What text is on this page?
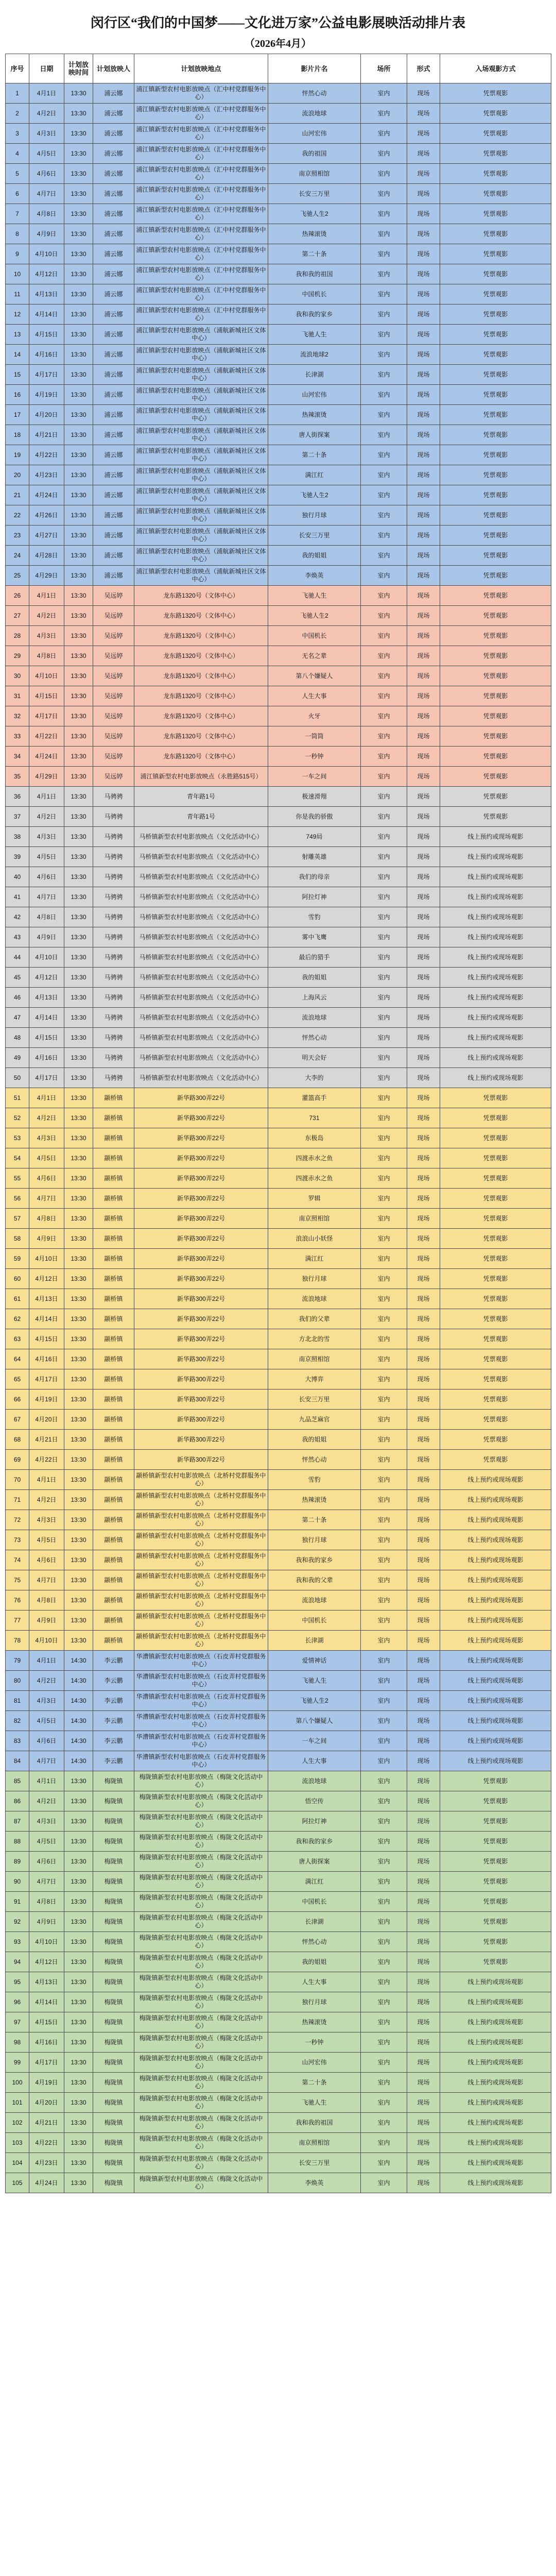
闵行区“我们的中国梦——文化进万家”公益电影展映活动排片表
（2026年4月）
序号	日期	计划放映时间	计划放映人	计划放映地点	影片片名	场所	形式	入场观影方式
1	4月1日	13:30	浦云娜	浦江镇新型农村电影放映点（汇中村党群服务中心）	怦然心动	室内	现场	凭票观影
2	4月2日	13:30	浦云娜	浦江镇新型农村电影放映点（汇中村党群服务中心）	流浪地球	室内	现场	凭票观影
3	4月3日	13:30	浦云娜	浦江镇新型农村电影放映点（汇中村党群服务中心）	山河宏伟	室内	现场	凭票观影
4	4月5日	13:30	浦云娜	浦江镇新型农村电影放映点（汇中村党群服务中心）	我的祖国	室内	现场	凭票观影
5	4月6日	13:30	浦云娜	浦江镇新型农村电影放映点（汇中村党群服务中心）	南京照相馆	室内	现场	凭票观影
6	4月7日	13:30	浦云娜	浦江镇新型农村电影放映点（汇中村党群服务中心）	长安三万里	室内	现场	凭票观影
7	4月8日	13:30	浦云娜	浦江镇新型农村电影放映点（汇中村党群服务中心）	飞驰人生2	室内	现场	凭票观影
8	4月9日	13:30	浦云娜	浦江镇新型农村电影放映点（汇中村党群服务中心）	热辣滚烫	室内	现场	凭票观影
9	4月10日	13:30	浦云娜	浦江镇新型农村电影放映点（汇中村党群服务中心）	第二十条	室内	现场	凭票观影
10	4月12日	13:30	浦云娜	浦江镇新型农村电影放映点（汇中村党群服务中心）	我和我的祖国	室内	现场	凭票观影
11	4月13日	13:30	浦云娜	浦江镇新型农村电影放映点（汇中村党群服务中心）	中国机长	室内	现场	凭票观影
12	4月14日	13:30	浦云娜	浦江镇新型农村电影放映点（汇中村党群服务中心）	我和我的家乡	室内	现场	凭票观影
13	4月15日	13:30	浦云娜	浦江镇新型农村电影放映点（浦航新城社区文体中心）	飞驰人生	室内	现场	凭票观影
14	4月16日	13:30	浦云娜	浦江镇新型农村电影放映点（浦航新城社区文体中心）	流浪地球2	室内	现场	凭票观影
15	4月17日	13:30	浦云娜	浦江镇新型农村电影放映点（浦航新城社区文体中心）	长津湖	室内	现场	凭票观影
16	4月19日	13:30	浦云娜	浦江镇新型农村电影放映点（浦航新城社区文体中心）	山河宏伟	室内	现场	凭票观影
17	4月20日	13:30	浦云娜	浦江镇新型农村电影放映点（浦航新城社区文体中心）	热辣滚烫	室内	现场	凭票观影
18	4月21日	13:30	浦云娜	浦江镇新型农村电影放映点（浦航新城社区文体中心）	唐人街探案	室内	现场	凭票观影
19	4月22日	13:30	浦云娜	浦江镇新型农村电影放映点（浦航新城社区文体中心）	第二十条	室内	现场	凭票观影
20	4月23日	13:30	浦云娜	浦江镇新型农村电影放映点（浦航新城社区文体中心）	满江红	室内	现场	凭票观影
21	4月24日	13:30	浦云娜	浦江镇新型农村电影放映点（浦航新城社区文体中心）	飞驰人生2	室内	现场	凭票观影
22	4月26日	13:30	浦云娜	浦江镇新型农村电影放映点（浦航新城社区文体中心）	独行月球	室内	现场	凭票观影
23	4月27日	13:30	浦云娜	浦江镇新型农村电影放映点（浦航新城社区文体中心）	长安三万里	室内	现场	凭票观影
24	4月28日	13:30	浦云娜	浦江镇新型农村电影放映点（浦航新城社区文体中心）	我的姐姐	室内	现场	凭票观影
25	4月29日	13:30	浦云娜	浦江镇新型农村电影放映点（浦航新城社区文体中心）	李焕英	室内	现场	凭票观影
26	4月1日	13:30	吴远婷	龙东路1320号（文体中心）	飞驰人生	室内	现场	凭票观影
27	4月2日	13:30	吴远婷	龙东路1320号（文体中心）	飞驰人生2	室内	现场	凭票观影
28	4月3日	13:30	吴远婷	龙东路1320号（文体中心）	中国机长	室内	现场	凭票观影
29	4月8日	13:30	吴远婷	龙东路1320号（文体中心）	无名之辈	室内	现场	凭票观影
30	4月10日	13:30	吴远婷	龙东路1320号（文体中心）	第八个嫌疑人	室内	现场	凭票观影
31	4月15日	13:30	吴远婷	龙东路1320号（文体中心）	人生大事	室内	现场	凭票观影
32	4月17日	13:30	吴远婷	龙东路1320号（文体中心）	火牙	室内	现场	凭票观影
33	4月22日	13:30	吴远婷	龙东路1320号（文体中心）	一筒筒	室内	现场	凭票观影
34	4月24日	13:30	吴远婷	龙东路1320号（文体中心）	一秒钟	室内	现场	凭票观影
35	4月29日	13:30	吴远婷	浦江镇新型农村电影放映点（永胜路515号）	一车之间	室内	现场	凭票观影
36	4月1日	13:30	马骋骋	青年路1号	极速滑翔	室内	现场	凭票观影
37	4月2日	13:30	马骋骋	青年路1号	你是我的骄傲	室内	现场	凭票观影
38	4月3日	13:30	马骋骋	马桥镇新型农村电影放映点（文化活动中心）	749局	室内	现场	线上预约或现场观影
39	4月5日	13:30	马骋骋	马桥镇新型农村电影放映点（文化活动中心）	射雕英雄	室内	现场	线上预约或现场观影
40	4月6日	13:30	马骋骋	马桥镇新型农村电影放映点（文化活动中心）	我们的母亲	室内	现场	线上预约或现场观影
41	4月7日	13:30	马骋骋	马桥镇新型农村电影放映点（文化活动中心）	阿拉灯神	室内	现场	线上预约或现场观影
42	4月8日	13:30	马骋骋	马桥镇新型农村电影放映点（文化活动中心）	雪豹	室内	现场	线上预约或现场观影
43	4月9日	13:30	马骋骋	马桥镇新型农村电影放映点（文化活动中心）	雾中飞鹰	室内	现场	线上预约或现场观影
44	4月10日	13:30	马骋骋	马桥镇新型农村电影放映点（文化活动中心）	最后的猎手	室内	现场	线上预约或现场观影
45	4月12日	13:30	马骋骋	马桥镇新型农村电影放映点（文化活动中心）	我的姐姐	室内	现场	线上预约或现场观影
46	4月13日	13:30	马骋骋	马桥镇新型农村电影放映点（文化活动中心）	上海风云	室内	现场	线上预约或现场观影
47	4月14日	13:30	马骋骋	马桥镇新型农村电影放映点（文化活动中心）	流浪地球	室内	现场	线上预约或现场观影
48	4月15日	13:30	马骋骋	马桥镇新型农村电影放映点（文化活动中心）	怦然心动	室内	现场	线上预约或现场观影
49	4月16日	13:30	马骋骋	马桥镇新型农村电影放映点（文化活动中心）	明天会好	室内	现场	线上预约或现场观影
50	4月17日	13:30	马骋骋	马桥镇新型农村电影放映点（文化活动中心）	大李的	室内	现场	线上预约或现场观影
51	4月1日	13:30	颛桥镇	新华路300弄22号	灌篮高手	室内	现场	凭票观影
52	4月2日	13:30	颛桥镇	新华路300弄22号	731	室内	现场	凭票观影
53	4月3日	13:30	颛桥镇	新华路300弄22号	东极岛	室内	现场	凭票观影
54	4月5日	13:30	颛桥镇	新华路300弄22号	四渡赤水之鱼	室内	现场	凭票观影
55	4月6日	13:30	颛桥镇	新华路300弄22号	四渡赤水之鱼	室内	现场	凭票观影
56	4月7日	13:30	颛桥镇	新华路300弄22号	罗辑	室内	现场	凭票观影
57	4月8日	13:30	颛桥镇	新华路300弄22号	南京照相馆	室内	现场	凭票观影
58	4月9日	13:30	颛桥镇	新华路300弄22号	浪浪山小妖怪	室内	现场	凭票观影
59	4月10日	13:30	颛桥镇	新华路300弄22号	满江红	室内	现场	凭票观影
60	4月12日	13:30	颛桥镇	新华路300弄22号	独行月球	室内	现场	凭票观影
61	4月13日	13:30	颛桥镇	新华路300弄22号	流浪地球	室内	现场	凭票观影
62	4月14日	13:30	颛桥镇	新华路300弄22号	我们的父辈	室内	现场	凭票观影
63	4月15日	13:30	颛桥镇	新华路300弄22号	方北北的雪	室内	现场	凭票观影
64	4月16日	13:30	颛桥镇	新华路300弄22号	南京照相馆	室内	现场	凭票观影
65	4月17日	13:30	颛桥镇	新华路300弄22号	大博弈	室内	现场	凭票观影
66	4月19日	13:30	颛桥镇	新华路300弄22号	长安三万里	室内	现场	凭票观影
67	4月20日	13:30	颛桥镇	新华路300弄22号	九品芝麻官	室内	现场	凭票观影
68	4月21日	13:30	颛桥镇	新华路300弄22号	我的姐姐	室内	现场	凭票观影
69	4月22日	13:30	颛桥镇	新华路300弄22号	怦然心动	室内	现场	凭票观影
70	4月1日	13:30	颛桥镇	颛桥镇新型农村电影放映点（北桥村党群服务中心）	雪豹	室内	现场	线上预约或现场观影
71	4月2日	13:30	颛桥镇	颛桥镇新型农村电影放映点（北桥村党群服务中心）	热辣滚烫	室内	现场	线上预约或现场观影
72	4月3日	13:30	颛桥镇	颛桥镇新型农村电影放映点（北桥村党群服务中心）	第二十条	室内	现场	线上预约或现场观影
73	4月5日	13:30	颛桥镇	颛桥镇新型农村电影放映点（北桥村党群服务中心）	独行月球	室内	现场	线上预约或现场观影
74	4月6日	13:30	颛桥镇	颛桥镇新型农村电影放映点（北桥村党群服务中心）	我和我的家乡	室内	现场	线上预约或现场观影
75	4月7日	13:30	颛桥镇	颛桥镇新型农村电影放映点（北桥村党群服务中心）	我和我的父辈	室内	现场	线上预约或现场观影
76	4月8日	13:30	颛桥镇	颛桥镇新型农村电影放映点（北桥村党群服务中心）	流浪地球	室内	现场	线上预约或现场观影
77	4月9日	13:30	颛桥镇	颛桥镇新型农村电影放映点（北桥村党群服务中心）	中国机长	室内	现场	线上预约或现场观影
78	4月10日	13:30	颛桥镇	颛桥镇新型农村电影放映点（北桥村党群服务中心）	长津湖	室内	现场	线上预约或现场观影
79	4月1日	14:30	李云鹏	华漕镇新型农村电影放映点（石皮弄村党群服务中心）	爱情神话	室内	现场	线上预约或现场观影
80	4月2日	14:30	李云鹏	华漕镇新型农村电影放映点（石皮弄村党群服务中心）	飞驰人生	室内	现场	线上预约或现场观影
81	4月3日	14:30	李云鹏	华漕镇新型农村电影放映点（石皮弄村党群服务中心）	飞驰人生2	室内	现场	线上预约或现场观影
82	4月5日	14:30	李云鹏	华漕镇新型农村电影放映点（石皮弄村党群服务中心）	第八个嫌疑人	室内	现场	线上预约或现场观影
83	4月6日	14:30	李云鹏	华漕镇新型农村电影放映点（石皮弄村党群服务中心）	一车之间	室内	现场	线上预约或现场观影
84	4月7日	14:30	李云鹏	华漕镇新型农村电影放映点（石皮弄村党群服务中心）	人生大事	室内	现场	线上预约或现场观影
85	4月1日	13:30	梅陇镇	梅陇镇新型农村电影放映点（梅陇文化活动中心）	流浪地球	室内	现场	凭票观影
86	4月2日	13:30	梅陇镇	梅陇镇新型农村电影放映点（梅陇文化活动中心）	悟空传	室内	现场	凭票观影
87	4月3日	13:30	梅陇镇	梅陇镇新型农村电影放映点（梅陇文化活动中心）	阿拉灯神	室内	现场	凭票观影
88	4月5日	13:30	梅陇镇	梅陇镇新型农村电影放映点（梅陇文化活动中心）	我和我的家乡	室内	现场	凭票观影
89	4月6日	13:30	梅陇镇	梅陇镇新型农村电影放映点（梅陇文化活动中心）	唐人街探案	室内	现场	凭票观影
90	4月7日	13:30	梅陇镇	梅陇镇新型农村电影放映点（梅陇文化活动中心）	满江红	室内	现场	凭票观影
91	4月8日	13:30	梅陇镇	梅陇镇新型农村电影放映点（梅陇文化活动中心）	中国机长	室内	现场	凭票观影
92	4月9日	13:30	梅陇镇	梅陇镇新型农村电影放映点（梅陇文化活动中心）	长津湖	室内	现场	凭票观影
93	4月10日	13:30	梅陇镇	梅陇镇新型农村电影放映点（梅陇文化活动中心）	怦然心动	室内	现场	凭票观影
94	4月12日	13:30	梅陇镇	梅陇镇新型农村电影放映点（梅陇文化活动中心）	我的姐姐	室内	现场	凭票观影
95	4月13日	13:30	梅陇镇	梅陇镇新型农村电影放映点（梅陇文化活动中心）	人生大事	室内	现场	线上预约或现场观影
96	4月14日	13:30	梅陇镇	梅陇镇新型农村电影放映点（梅陇文化活动中心）	独行月球	室内	现场	线上预约或现场观影
97	4月15日	13:30	梅陇镇	梅陇镇新型农村电影放映点（梅陇文化活动中心）	热辣滚烫	室内	现场	线上预约或现场观影
98	4月16日	13:30	梅陇镇	梅陇镇新型农村电影放映点（梅陇文化活动中心）	一秒钟	室内	现场	线上预约或现场观影
99	4月17日	13:30	梅陇镇	梅陇镇新型农村电影放映点（梅陇文化活动中心）	山河宏伟	室内	现场	线上预约或现场观影
100	4月19日	13:30	梅陇镇	梅陇镇新型农村电影放映点（梅陇文化活动中心）	第二十条	室内	现场	线上预约或现场观影
101	4月20日	13:30	梅陇镇	梅陇镇新型农村电影放映点（梅陇文化活动中心）	飞驰人生	室内	现场	线上预约或现场观影
102	4月21日	13:30	梅陇镇	梅陇镇新型农村电影放映点（梅陇文化活动中心）	我和我的祖国	室内	现场	线上预约或现场观影
103	4月22日	13:30	梅陇镇	梅陇镇新型农村电影放映点（梅陇文化活动中心）	南京照相馆	室内	现场	线上预约或现场观影
104	4月23日	13:30	梅陇镇	梅陇镇新型农村电影放映点（梅陇文化活动中心）	长安三万里	室内	现场	线上预约或现场观影
105	4月24日	13:30	梅陇镇	梅陇镇新型农村电影放映点（梅陇文化活动中心）	李焕英	室内	现场	线上预约或现场观影
